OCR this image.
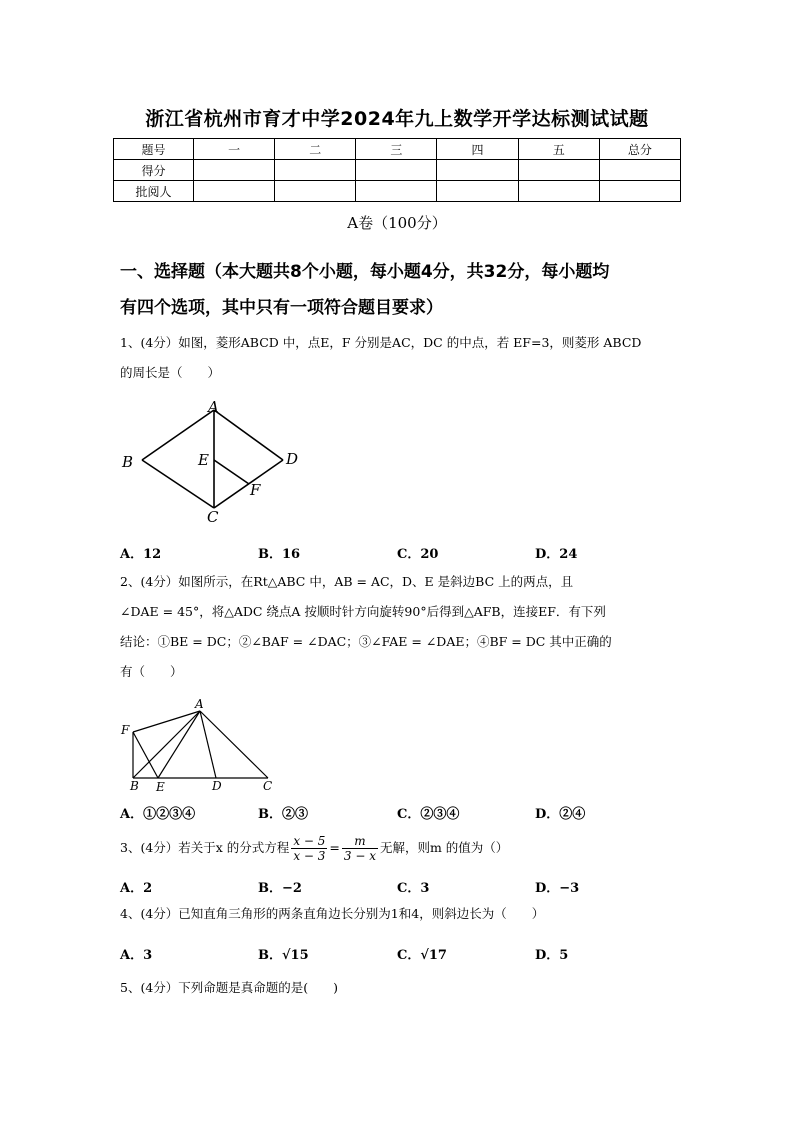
浙江省杭州市育才中学2024年九上数学开学达标测试试题
题号	一	二	三	四	五	总分
得分						
批阅人						
A卷（100分）
一、选择题（本大题共8个小题，每小题4分，共32分，每小题均
有四个选项，其中只有一项符合题目要求）
1、(4分）如图，菱形ABCD 中，点E，F 分别是AC，DC 的中点，若 EF=3，则菱形 ABCD
的周长是（　　）
A
B
C
D
E
F
A．12	B．16	C．20	D．24
2、(4分）如图所示，在Rt△ABC 中，AB = AC，D、E 是斜边BC 上的两点，且
∠DAE = 45°，将△ADC 绕点A 按顺时针方向旋转90°后得到△AFB，连接EF．有下列
结论：①BE = DC；②∠BAF = ∠DAC；③∠FAE = ∠DAE；④BF = DC 其中正确的
有（　　）
A
F
B E	D	C
A．①②③④	B．②③	C．②③④	D．②④
3、(4分）若关于x 的分式方程 $\frac{x - 5}{x - 3} = \frac{m}{3 - x}$ 无解，则m 的值为（）
A．2	B．−2	C．3	D．−3
4、(4分）已知直角三角形的两条直角边长分别为1和4，则斜边长为（　　）
A．3	B．√15	C．√17	D．5
5、(4分）下列命题是真命题的是(　　)
